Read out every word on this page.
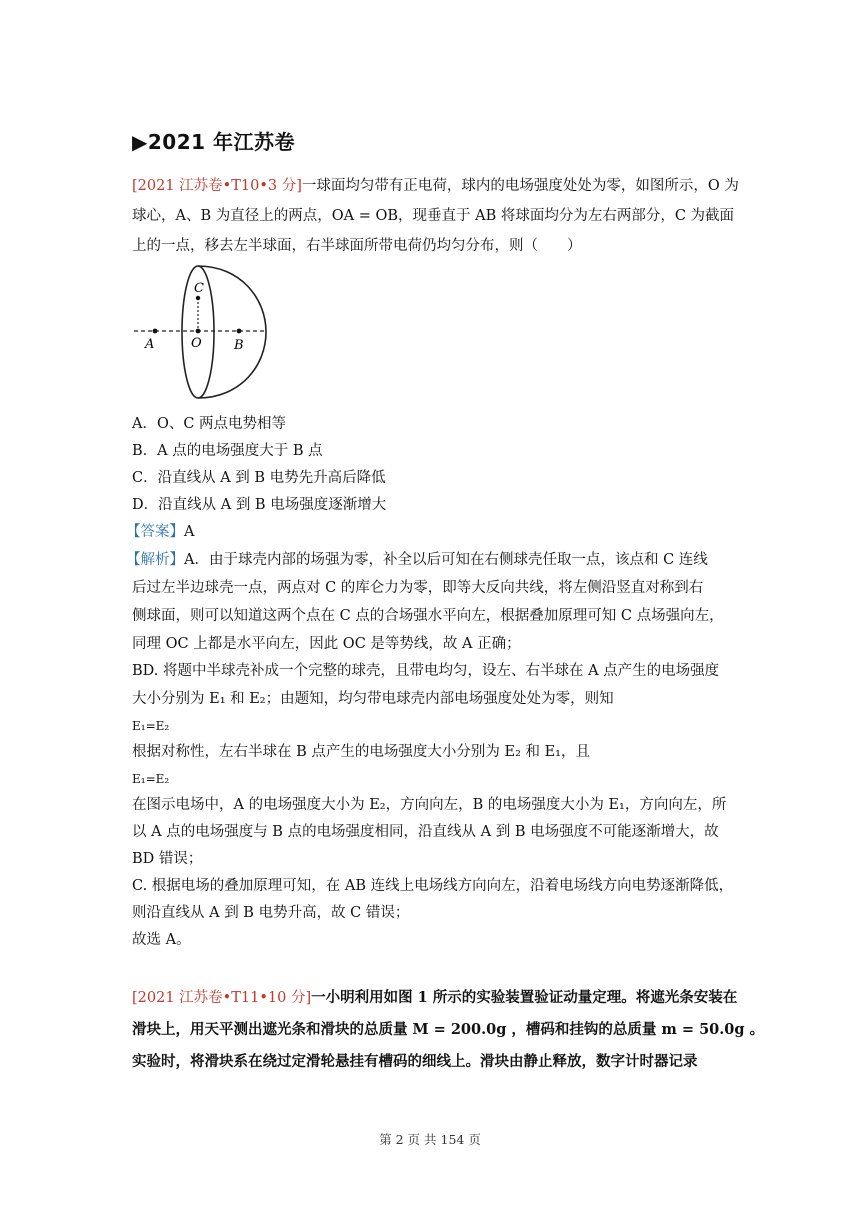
▶2021 年江苏卷
[2021 江苏卷•T10•3 分]一球面均匀带有正电荷，球内的电场强度处处为零，如图所示，O 为
球心，A、B 为直径上的两点，OA = OB，现垂直于 AB 将球面均分为左右两部分，C 为截面
上的一点，移去左半球面，右半球面所带电荷仍均匀分布，则（　　）
C
A	O B
A．O、C 两点电势相等
B．A 点的电场强度大于 B 点
C．沿直线从 A 到 B 电势先升高后降低
D．沿直线从 A 到 B 电场强度逐渐增大
【答案】A
【解析】A．由于球壳内部的场强为零，补全以后可知在右侧球壳任取一点，该点和 C 连线
后过左半边球壳一点，两点对 C 的库仑力为零，即等大反向共线，将左侧沿竖直对称到右
侧球面，则可以知道这两个点在 C 点的合场强水平向左，根据叠加原理可知 C 点场强向左，
同理 OC 上都是水平向左，因此 OC 是等势线，故 A 正确；
BD. 将题中半球壳补成一个完整的球壳，且带电均匀，设左、右半球在 A 点产生的电场强度
大小分别为 E₁ 和 E₂；由题知，均匀带电球壳内部电场强度处处为零，则知
E₁=E₂
根据对称性，左右半球在 B 点产生的电场强度大小分别为 E₂ 和 E₁，且
E₁=E₂
在图示电场中，A 的电场强度大小为 E₂，方向向左，B 的电场强度大小为 E₁，方向向左，所
以 A 点的电场强度与 B 点的电场强度相同，沿直线从 A 到 B 电场强度不可能逐渐增大，故
BD 错误；
C. 根据电场的叠加原理可知，在 AB 连线上电场线方向向左，沿着电场线方向电势逐渐降低，
则沿直线从 A 到 B 电势升高，故 C 错误；
故选 A。
[2021 江苏卷•T11•10 分]一小明利用如图 1 所示的实验装置验证动量定理。将遮光条安装在
滑块上，用天平测出遮光条和滑块的总质量 M = 200.0g ，槽码和挂钩的总质量 m = 50.0g 。
实验时，将滑块系在绕过定滑轮悬挂有槽码的细线上。滑块由静止释放，数字计时器记录
第 2 页 共 154 页
